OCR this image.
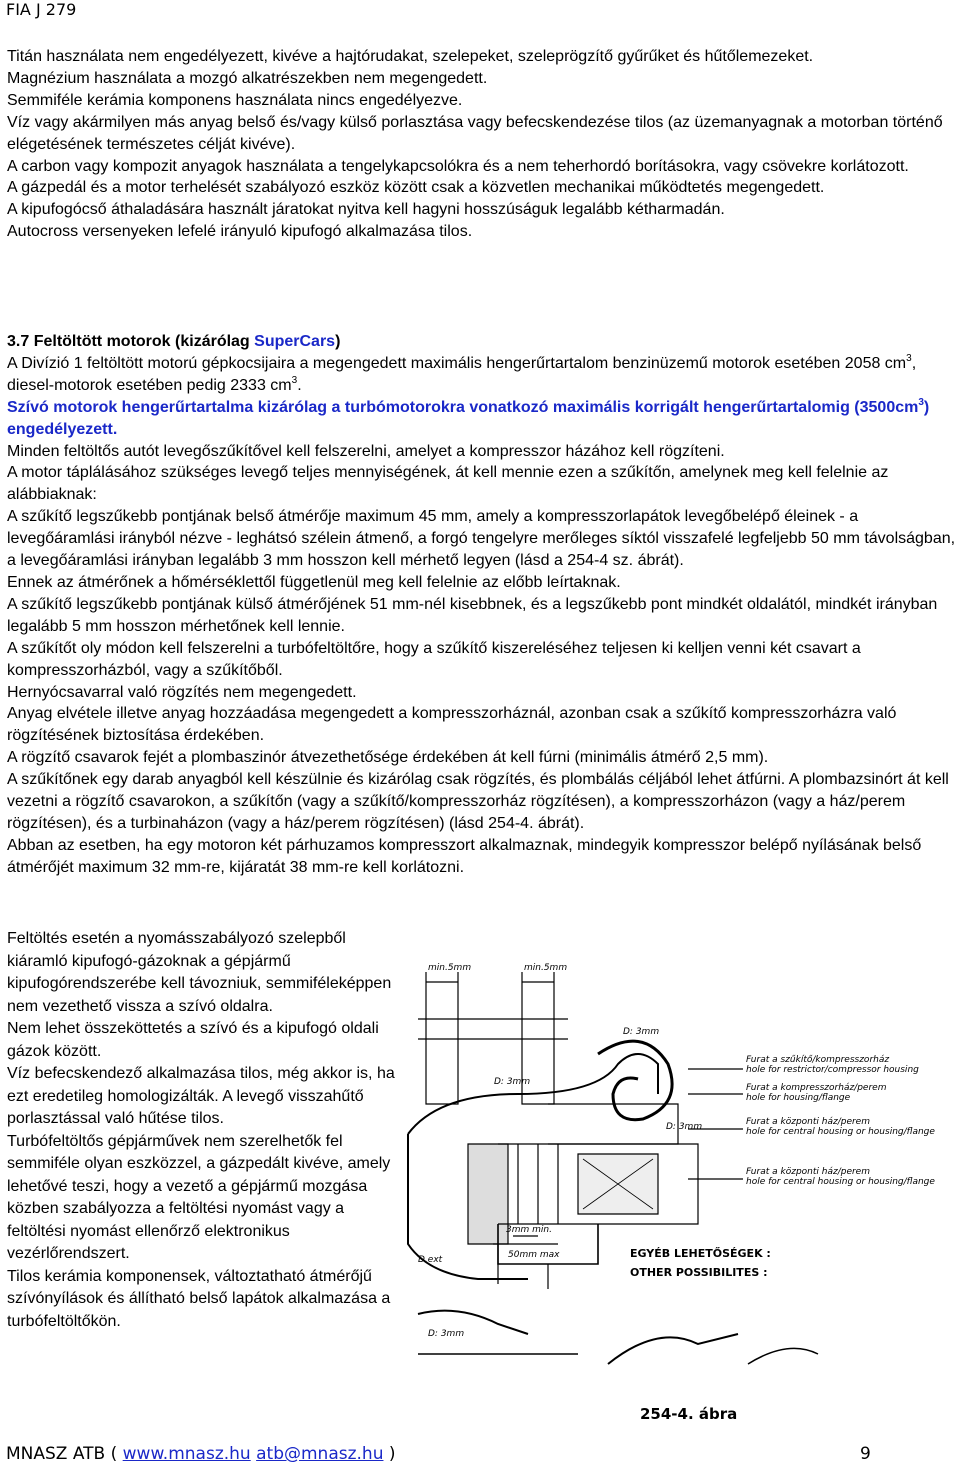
FIA J 279
Titán használata nem engedélyezett, kivéve a hajtórudakat, szelepeket, szeleprögzítő gyűrűket és hűtőlemezeket.
Magnézium használata a mozgó alkatrészekben nem megengedett.
Semmiféle kerámia komponens használata nincs engedélyezve.
Víz vagy akármilyen más anyag belső és/vagy külső porlasztása vagy befecskendezése tilos (az üzemanyagnak a motorban történő elégetésének természetes célját kivéve).
A carbon vagy kompozit anyagok használata a tengelykapcsolókra és a nem teherhordó borításokra, vagy csövekre korlátozott.
A gázpedál és a motor terhelését szabályozó eszköz között csak a közvetlen mechanikai működtetés megengedett.
A kipufogócső áthaladására használt járatokat nyitva kell hagyni hosszúságuk legalább kétharmadán.
Autocross versenyeken lefelé irányuló kipufogó alkalmazása tilos.
3.7 Feltöltött motorok (kizárólag SuperCars)
A Divízió 1 feltöltött motorú gépkocsijaira a megengedett maximális hengerűrtartalom benzinüzemű motorok esetében 2058 $cm^3$, diesel-motorok esetében pedig 2333 $cm^3$.
Szívó motorok hengerűrtartalma kizárólag a turbómotorokra vonatkozó maximális korrigált hengerűrtartalomig $(3500cm^3)$ engedélyezett.
Minden feltöltős autót levegőszűkítővel kell felszerelni, amelyet a kompresszor házához kell rögzíteni.
A motor táplálásához szükséges levegő teljes mennyiségének, át kell mennie ezen a szűkítőn, amelynek meg kell felelnie az alábbiaknak:
A szűkítő legszűkebb pontjának belső átmérője maximum 45 mm, amely a kompresszorlapátok levegőbelépő éleinek - a levegőáramlási irányból nézve - leghátsó szélein átmenő, a forgó tengelyre merőleges síktól visszafelé legfeljebb 50 mm távolságban, a levegőáramlási irányban legalább 3 mm hosszon kell mérhető legyen (lásd a 254-4 sz. ábrát).
Ennek az átmérőnek a hőmérséklettől függetlenül meg kell felelnie az előbb leírtaknak.
A szűkítő legszűkebb pontjának külső átmérőjének 51 mm-nél kisebbnek, és a legszűkebb pont mindkét oldalától, mindkét irányban legalább 5 mm hosszon mérhetőnek kell lennie.
A szűkítőt oly módon kell felszerelni a turbófeltöltőre, hogy a szűkítő kiszereléséhez teljesen ki kelljen venni két csavart a kompresszorházból, vagy a szűkítőből.
Hernyócsavarral való rögzítés nem megengedett.
Anyag elvétele illetve anyag hozzáadása megengedett a kompresszorháznál, azonban csak a szűkítő kompresszorházra való rögzítésének biztosítása érdekében.
A rögzítő csavarok fejét a plombaszinór átvezethetősége érdekében át kell fúrni (minimális átmérő 2,5 mm).
A szűkítőnek egy darab anyagból kell készülnie és kizárólag csak rögzítés, és plombálás céljából lehet átfúrni. A plombazsinórt át kell vezetni a rögzítő csavarokon, a szűkítőn (vagy a szűkítő/kompresszorház rögzítésen), a kompresszorházon (vagy a ház/perem rögzítésen), és a turbinaházon (vagy a ház/perem rögzítésen) (lásd 254-4. ábrát).
Abban az esetben, ha egy motoron két párhuzamos kompresszort alkalmaznak, mindegyik kompresszor belépő nyílásának belső átmérőjét maximum 32 mm-re, kijáratát 38 mm-re kell korlátozni.
Feltöltés esetén a nyomásszabályozó szelepből kiáramló kipufogó-gázoknak a gépjármű kipufogórendszerébe kell távozniuk, semmiféleképpen nem vezethető vissza a szívó oldalra.
Nem lehet összeköttetés a szívó és a kipufogó oldali gázok között.
Víz befecskendező alkalmazása tilos, még akkor is, ha ezt eredetileg homologizálták. A levegő visszahűtő porlasztással való hűtése tilos.
Turbófeltöltős gépjárművek nem szerelhetők fel semmiféle olyan eszközzel, a gázpedált kivéve, amely lehetővé teszi, hogy a vezető a gépjármű mozgása közben szabályozza a feltöltési nyomást vagy a feltöltési nyomást ellenőrző elektronikus vezérlőrendszert.
Tilos kerámia komponensek, változtatható átmérőjű szívónyílások és állítható belső lapátok alkalmazása a turbófeltöltőkön.
min.5mm	min.5mm
D: 3mm
D: 3mm
D: 3mm
3mm min.
50mm max
D.ext
D: 3mm
Furat a szűkítő/kompresszorház
hole for restrictor/compressor housing
Furat a kompresszorház/perem
hole for housing/flange
Furat a központi ház/perem
hole for central housing or housing/flange
Furat a központi ház/perem
hole for central housing or housing/flange
EGYÉB LEHETŐSÉGEK :
OTHER POSSIBILITES :
254-4. ábra
MNASZ ATB ( www.mnasz.hu atb@mnasz.hu )	9
